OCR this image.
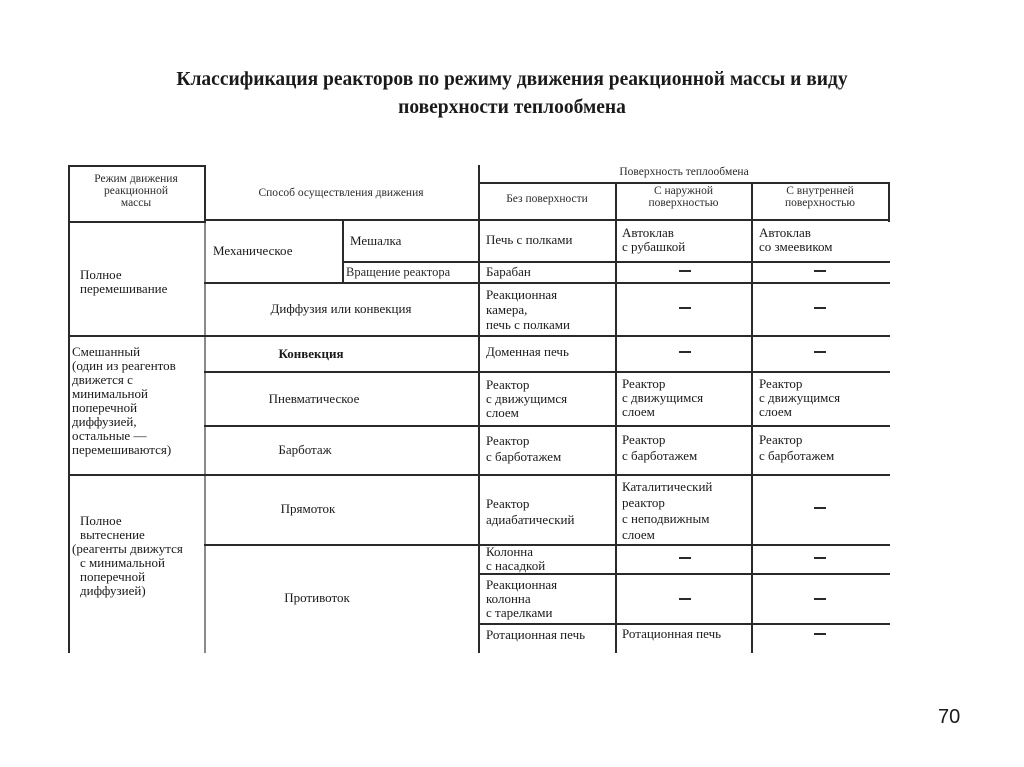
Классификация реакторов по режиму движения реакционной массы и виду
поверхности теплообмена
Режим движения
реакционной
массы
Способ осуществления движения
Поверхность теплообмена
Без поверхности
С наружной
поверхностью
С внутренней
поверхностью
Полное
перемешивание
Смешанный
(один из реагентов
движется с
минимальной
поперечной
диффузией,
остальные —
перемешиваются)
Полное
вытеснение
(реагенты движутся
с минимальной
поперечной
диффузией)
Механическое
Мешалка
Вращение реактора
Диффузия или конвекция
Конвекция
Пневматическое
Барботаж
Прямоток
Противоток
Печь с полками
Барабан
Реакционная
камера,
печь с полками
Доменная печь
Реактор
с движущимся
слоем
Реактор
с барботажем
Реактор
адиабатический
Колонна
с насадкой
Реакционная
колонна
с тарелками
Ротационная печь
Автоклав
с рубашкой
Реактор
с движущимся
слоем
Реактор
с барботажем
Каталитический
реактор
с неподвижным
слоем
Ротационная печь
Автоклав
со змеевиком
Реактор
с движущимся
слоем
Реактор
с барботажем
70
